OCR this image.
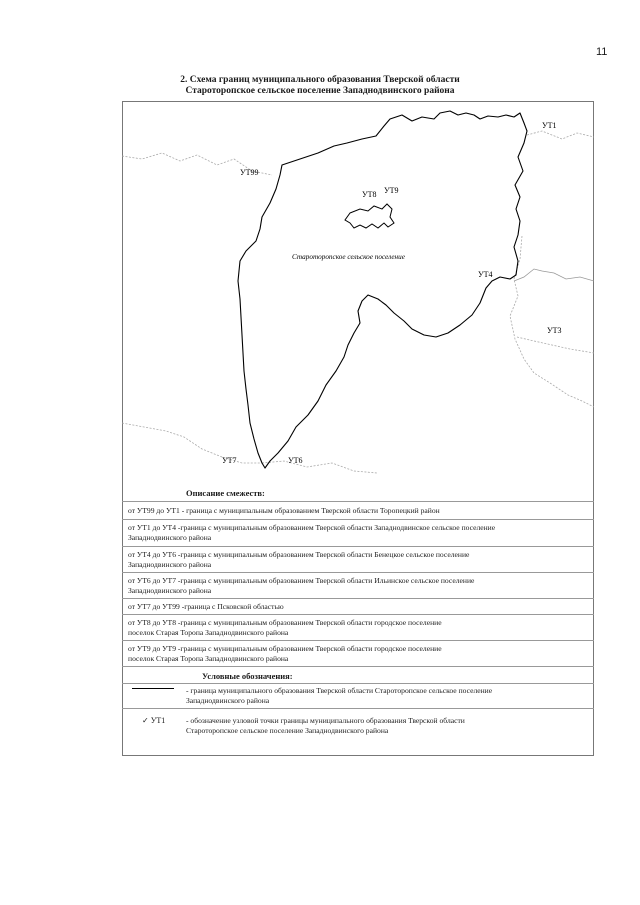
11
2. Схема границ муниципального образования Тверской области
Староторопское сельское поселение Западнодвинского района
Староторопское сельское поселение
УТ1
УТ3
УТ4
УТ6
УТ7
УТ8 УТ9
УТ99
Описание смежеств:
от УТ99 до УТ1 - граница с муниципальным образованием Тверской области Торопецкий район
от УТ1 до УТ4 -граница с муниципальным образованием Тверской области Западнодвинское сельское поселение
Западнодвинского района
от УТ4 до УТ6 -граница с муниципальным образованием Тверской области Бенецкое сельское поселение
Западнодвинского района
от УТ6 до УТ7 -граница с муниципальным образованием Тверской области Ильинское сельское поселение
Западнодвинского района
от УТ7 до УТ99 -граница с Псковской областью
от УТ8 до УТ8 -граница с муниципальным образованием Тверской области городское поселение
поселок Старая Торопа Западнодвинского района
от УТ9 до УТ9 -граница с муниципальным образованием Тверской области городское поселение
поселок Старая Торопа Западнодвинского района
Условные обозначения:
- граница муниципального образования Тверской области Староторопское сельское поселение
Западнодвинского района
✓ УТ1	- обозначение узловой точки границы муниципального образования Тверской области
Староторопское сельское поселение Западнодвинского района
